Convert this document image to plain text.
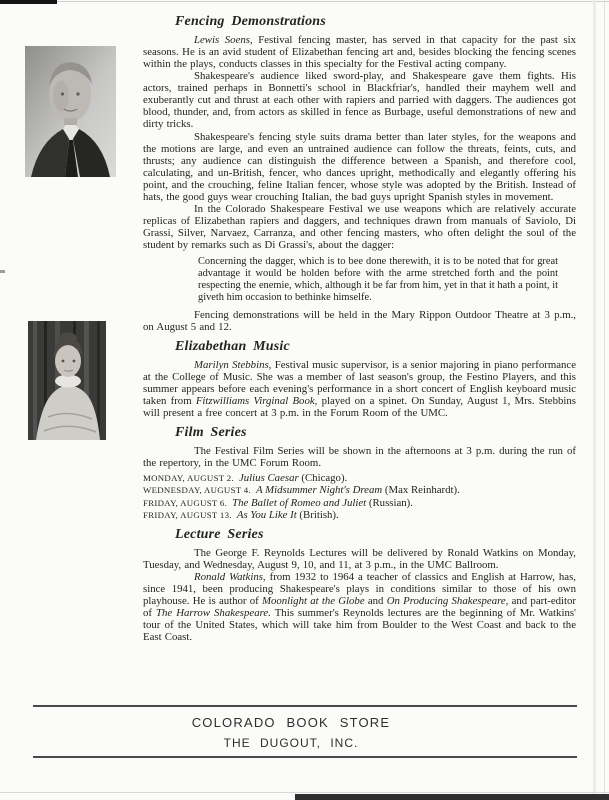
Fencing Demonstrations

Lewis Soens, Festival fencing master, has served in that capacity for the past six seasons. He is an avid student of Elizabethan fencing art and, besides blocking the fencing scenes within the plays, conducts classes in this specialty for the Festival acting company.

Shakespeare's audience liked sword-play, and Shakespeare gave them fights. His actors, trained perhaps in Bonnetti's school in Blackfriar's, handled their mayhem well and exuberantly cut and thrust at each other with rapiers and parried with daggers. The audiences got blood, thunder, and, from actors as skilled in fence as Burbage, useful demonstrations of new and dirty tricks.

Shakespeare's fencing style suits drama better than later styles, for the weapons and the motions are large, and even an untrained audience can follow the threats, feints, cuts, and thrusts; any audience can distinguish the difference between a Spanish, and therefore cool, calculating, and un-British, fencer, who dances upright, methodically and elegantly offering his point, and the crouching, feline Italian fencer, whose style was adopted by the British. Instead of hats, the good guys wear crouching Italian, the bad guys upright Spanish styles in movement.

In the Colorado Shakespeare Festival we use weapons which are relatively accurate replicas of Elizabethan rapiers and daggers, and techniques drawn from manuals of Saviolo, Di Grassi, Silver, Narvaez, Carranza, and other fencing masters, who often delight the soul of the student by remarks such as Di Grassi's, about the dagger:

Concerning the dagger, which is to bee done therewith, it is to be noted that for great advantage it would be holden before with the arme stretched forth and the point respecting the enemie, which, although it be far from him, yet in that it hath a point, it giveth him occasion to bethinke himselfe.

Fencing demonstrations will be held in the Mary Rippon Outdoor Theatre at 3 p.m., on August 5 and 12.

Elizabethan Music

Marilyn Stebbins, Festival music supervisor, is a senior majoring in piano performance at the College of Music. She was a member of last season's group, the Festino Players, and this summer appears before each evening's performance in a short concert of English keyboard music taken from Fitzwilliams Virginal Book, played on a spinet. On Sunday, August 1, Mrs. Stebbins will present a free concert at 3 p.m. in the Forum Room of the UMC.

Film Series

The Festival Film Series will be shown in the afternoons at 3 p.m. during the run of the repertory, in the UMC Forum Room.

MONDAY, AUGUST 2. Julius Caesar (Chicago).
WEDNESDAY, AUGUST 4. A Midsummer Night's Dream (Max Reinhardt).
FRIDAY, AUGUST 6. The Ballet of Romeo and Juliet (Russian).
FRIDAY, AUGUST 13. As You Like It (British).
Lecture Series

The George F. Reynolds Lectures will be delivered by Ronald Watkins on Monday, Tuesday, and Wednesday, August 9, 10, and 11, at 3 p.m., in the UMC Ballroom.

Ronald Watkins, from 1932 to 1964 a teacher of classics and English at Harrow, has, since 1941, been producing Shakespeare's plays in conditions similar to those of his own playhouse. He is author of Moonlight at the Globe and On Producing Shakespeare, and part-editor of The Harrow Shakespeare. This summer's Reynolds lectures are the beginning of Mr. Watkins' tour of the United States, which will take him from Boulder to the West Coast and back to the East Coast.

COLORADO BOOK STORE
THE DUGOUT, INC.
